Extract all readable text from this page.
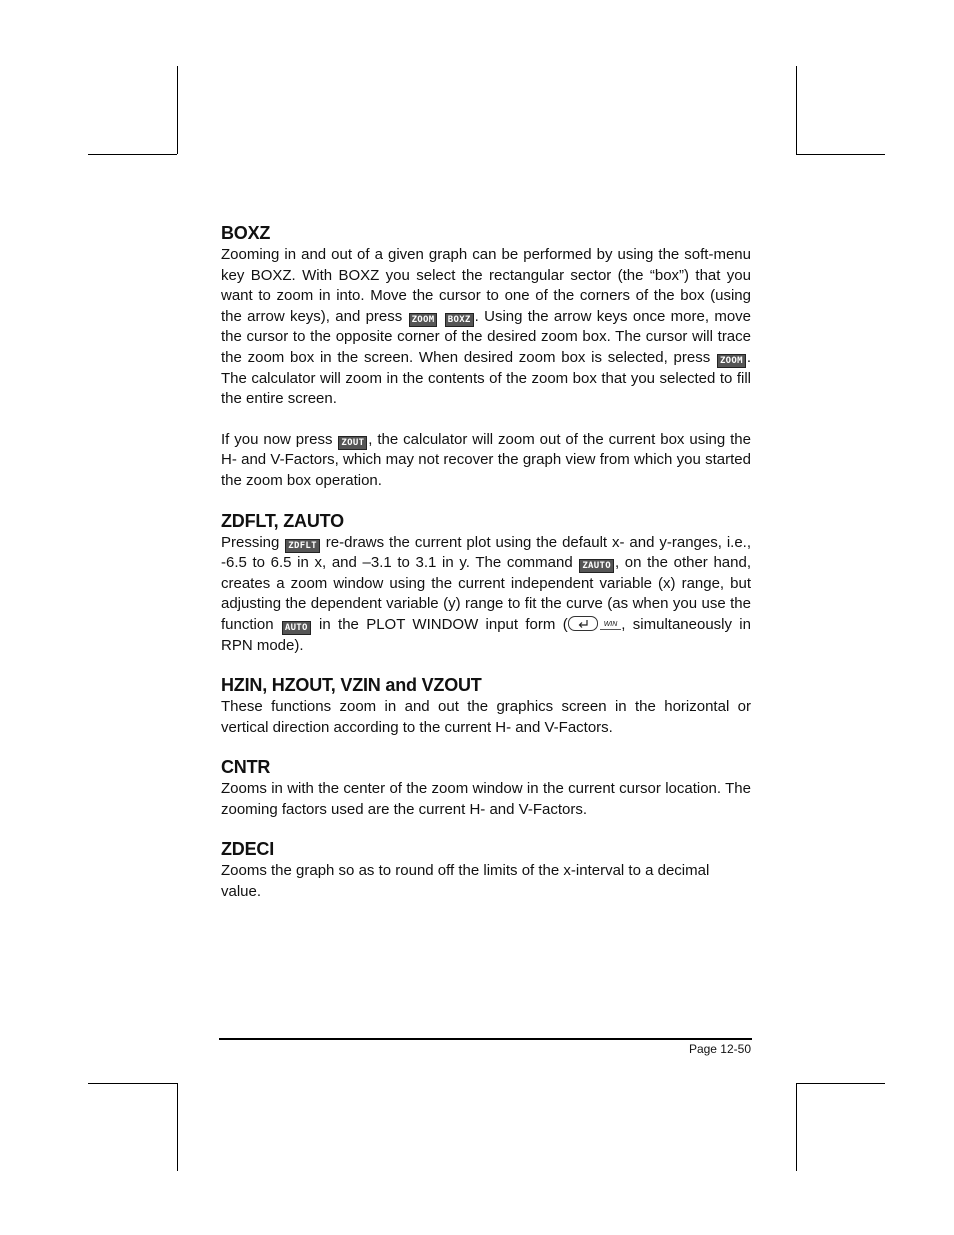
BOXZ

Zooming in and out of a given graph can be performed by using the soft-menu key BOXZ. With BOXZ you select the rectangular sector (the “box”) that you want to zoom in into. Move the cursor to one of the corners of the box (using the arrow keys), and press ZOOM BOXZ . Using the arrow keys once more, move the cursor to the opposite corner of the desired zoom box. The cursor will trace the zoom box in the screen. When desired zoom box is selected, press ZOOM . The calculator will zoom in the contents of the zoom box that you selected to fill the entire screen.

If you now press ZOUT , the calculator will zoom out of the current box using the H- and V-Factors, which may not recover the graph view from which you started the zoom box operation.

ZDFLT, ZAUTO

Pressing ZDFLT re-draws the current plot using the default x- and y-ranges, i.e., -6.5 to 6.5 in x, and –3.1 to 3.1 in y. The command ZAUTO , on the other hand, creates a zoom window using the current independent variable (x) range, but adjusting the dependent variable (y) range to fit the curve (as when you use the function AUTO in the PLOT WINDOW input form (	WIN , simultaneously in RPN mode).

HZIN, HZOUT, VZIN and VZOUT

These functions zoom in and out the graphics screen in the horizontal or vertical direction according to the current H- and V-Factors.

CNTR

Zooms in with the center of the zoom window in the current cursor location. The zooming factors used are the current H- and V-Factors.

ZDECI

Zooms the graph so as to round off the limits of the x-interval to a decimal value.

Page 12-50
